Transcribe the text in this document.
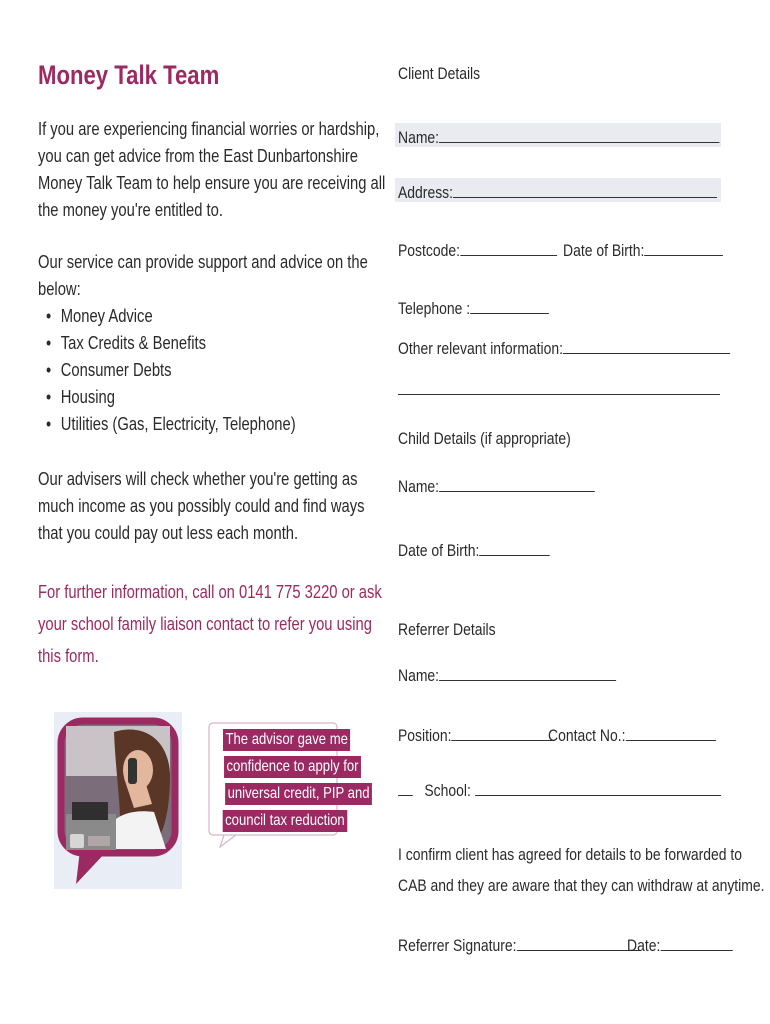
Money Talk Team
If you are experiencing financial worries or hardship,
you can get advice from the East Dunbartonshire
Money Talk Team to help ensure you are receiving all
the money you're entitled to.
Our service can provide support and advice on the
below:
• Money Advice
• Tax Credits & Benefits
• Consumer Debts
• Housing
• Utilities (Gas, Electricity, Telephone)
Our advisers will check whether you're getting as
much income as you possibly could and find ways
that you could pay out less each month.
For further information, call on 0141 775 3220 or ask
your school family liaison contact to refer you using
this form.
The advisor gave me
confidence to apply for
universal credit, PIP and
council tax reduction
Client Details
Name:
Address:
Postcode:	Date of Birth:
Telephone :
Other relevant information:
Child Details (if appropriate)
Name:
Date of Birth:
Referrer Details
Name:
Position:	Contact No.:
School:
I confirm client has agreed for details to be forwarded to
CAB and they are aware that they can withdraw at anytime.
Referrer Signature:	Date:
